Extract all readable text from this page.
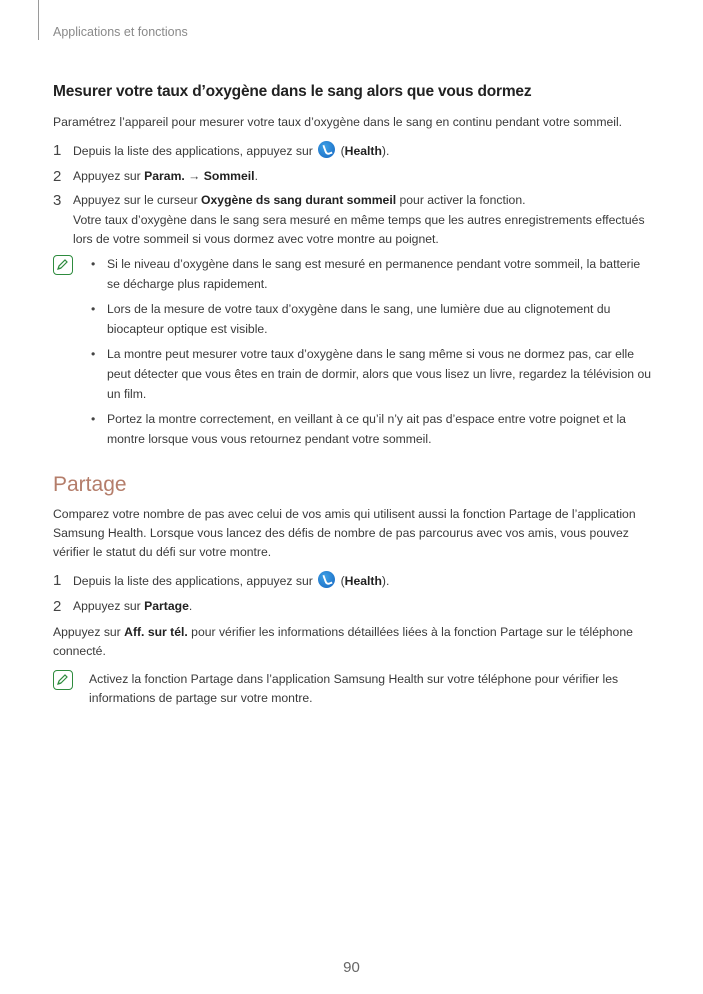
Applications et fonctions
Mesurer votre taux d’oxygène dans le sang alors que vous dormez

Paramétrez l’appareil pour mesurer votre taux d’oxygène dans le sang en continu pendant votre sommeil.

1 Depuis la liste des applications, appuyez sur  (Health).
2 Appuyez sur Param. → Sommeil.
3 Appuyez sur le curseur Oxygène ds sang durant sommeil pour activer la fonction.
Votre taux d’oxygène dans le sang sera mesuré en même temps que les autres enregistrements effectués lors de votre sommeil si vous dormez avec votre montre au poignet.
• Si le niveau d’oxygène dans le sang est mesuré en permanence pendant votre sommeil, la batterie se décharge plus rapidement.
• Lors de la mesure de votre taux d’oxygène dans le sang, une lumière due au clignotement du biocapteur optique est visible.
• La montre peut mesurer votre taux d’oxygène dans le sang même si vous ne dormez pas, car elle peut détecter que vous êtes en train de dormir, alors que vous lisez un livre, regardez la télévision ou un film.
• Portez la montre correctement, en veillant à ce qu’il n’y ait pas d’espace entre votre poignet et la montre lorsque vous vous retournez pendant votre sommeil.
Partage

Comparez votre nombre de pas avec celui de vos amis qui utilisent aussi la fonction Partage de l’application Samsung Health. Lorsque vous lancez des défis de nombre de pas parcourus avec vos amis, vous pouvez vérifier le statut du défi sur votre montre.

1 Depuis la liste des applications, appuyez sur  (Health).
2 Appuyez sur Partage.

Appuyez sur Aff. sur tél. pour vérifier les informations détaillées liées à la fonction Partage sur le téléphone connecté.

Activez la fonction Partage dans l’application Samsung Health sur votre téléphone pour vérifier les informations de partage sur votre montre.
90
